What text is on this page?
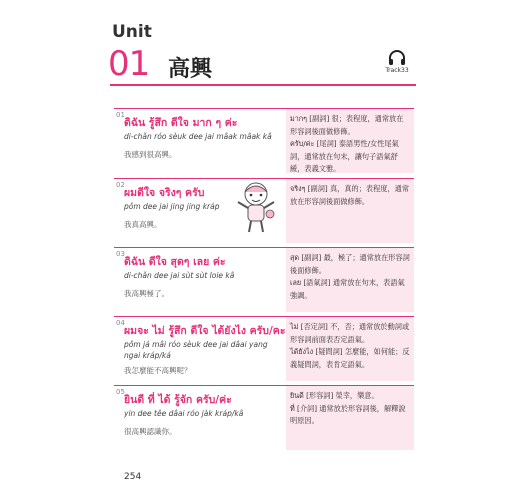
Unit
01 高興	Track33
01
ดิฉัน รู้สึก ดีใจ มาก ๆ ค่ะ
di-chǎn róo sèuk dee jai mâak mâak kâ
我感到很高興。

มากๆ [副詞] 很；表程度，通常放在形容詞後面做修飾。

ครับ/ค่ะ [尾詞] 泰語男性/女性尾氣詞，通常放在句末，讓句子語氣舒緩，表義文雅。

02
ผมดีใจ จริงๆ ครับ
pǒm dee jai jing jing kráp
我真高興。

จริงๆ [副詞] 真，真的；表程度，通常放在形容詞後面做修飾。

03
ดิฉัน ดีใจ สุดๆ เลย ค่ะ
di-chǎn dee jai sùt sùt loie kâ
我高興極了。

สุด [副詞] 最，極了；通常放在形容詞後面修飾。

เลย [語氣詞] 通常放在句末，表語氣強調。

04
ผมจะ ไม่ รู้สึก ดีใจ ได้ยังไง ครับ/คะ
pǒm já mâi róo sèuk dee jai dâai yang ngai kráp/ká
我怎麼能不高興呢？

ไม่ [否定詞] 不，否；通常放於動詞或形容詞前面表否定語氣。

ได้ยังไง [疑問詞] 怎麼能，如何能；反義疑問詞，表肯定語氣。

05
ยินดี ที่ ได้ รู้จัก ครับ/ค่ะ
yin dee têe dâai róo jàk kráp/kâ
很高興認識你。

ยินดี [形容詞] 榮幸，樂意。

ที่ [介詞] 通常放於形容詞後，解釋說明原因。

254
